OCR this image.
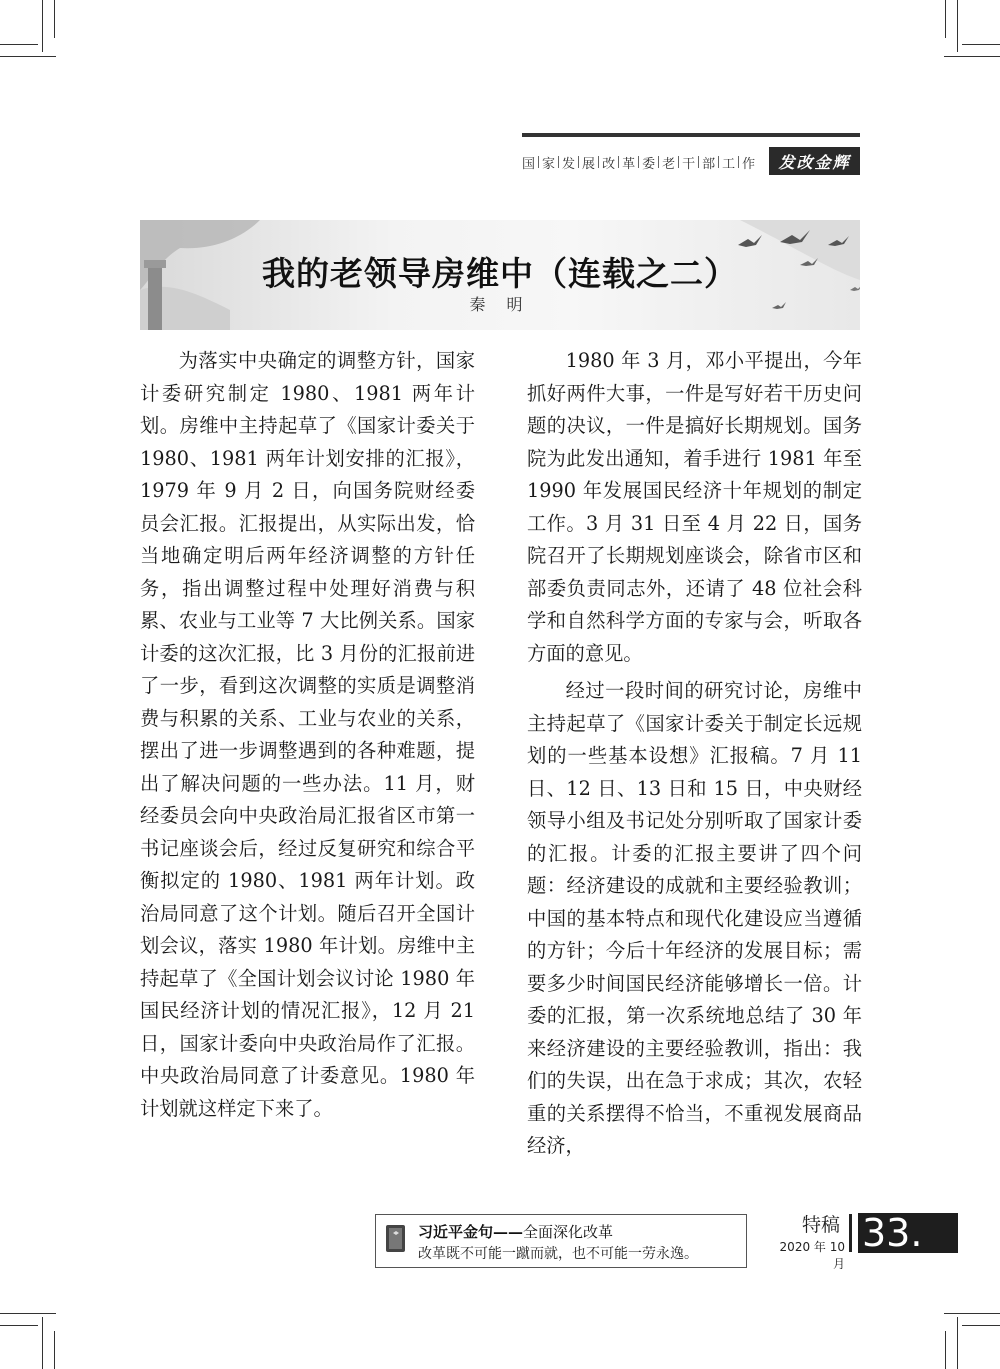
国 家 发 展 改 革 委 老 干 部 工 作	发改金辉
我的老领导房维中（连载之二）
秦 明

为落实中央确定的调整方针，国家计委研究制定 1980、1981 两年计划。房维中主持起草了《国家计委关于 1980、1981 两年计划安排的汇报》，1979 年 9 月 2 日，向国务院财经委员会汇报。汇报提出，从实际出发，恰当地确定明后两年经济调整的方针任务，指出调整过程中处理好消费与积累、农业与工业等 7 大比例关系。国家计委的这次汇报，比 3 月份的汇报前进了一步，看到这次调整的实质是调整消费与积累的关系、工业与农业的关系，摆出了进一步调整遇到的各种难题，提出了解决问题的一些办法。11 月，财经委员会向中央政治局汇报省区市第一书记座谈会后，经过反复研究和综合平衡拟定的 1980、1981 两年计划。政治局同意了这个计划。随后召开全国计划会议，落实 1980 年计划。房维中主持起草了《全国计划会议讨论 1980 年国民经济计划的情况汇报》，12 月 21 日，国家计委向中央政治局作了汇报。中央政治局同意了计委意见。1980 年计划就这样定下来了。

1980 年 3 月，邓小平提出，今年抓好两件大事，一件是写好若干历史问题的决议，一件是搞好长期规划。国务院为此发出通知，着手进行 1981 年至 1990 年发展国民经济十年规划的制定工作。3 月 31 日至 4 月 22 日，国务院召开了长期规划座谈会，除省市区和部委负责同志外，还请了 48 位社会科学和自然科学方面的专家与会，听取各方面的意见。

经过一段时间的研究讨论，房维中主持起草了《国家计委关于制定长远规划的一些基本设想》汇报稿。7 月 11 日、12 日、13 日和 15 日，中央财经领导小组及书记处分别听取了国家计委的汇报。计委的汇报主要讲了四个问题：经济建设的成就和主要经验教训；中国的基本特点和现代化建设应当遵循的方针；今后十年经济的发展目标；需要多少时间国民经济能够增长一倍。计委的汇报，第一次系统地总结了 30 年来经济建设的主要经验教训，指出：我们的失误，出在急于求成；其次，农轻重的关系摆得不恰当，不重视发展商品经济，

习近平金句——全面深化改革
改革既不可能一蹴而就，也不可能一劳永逸。
特稿
2020 年 10 月
33.
